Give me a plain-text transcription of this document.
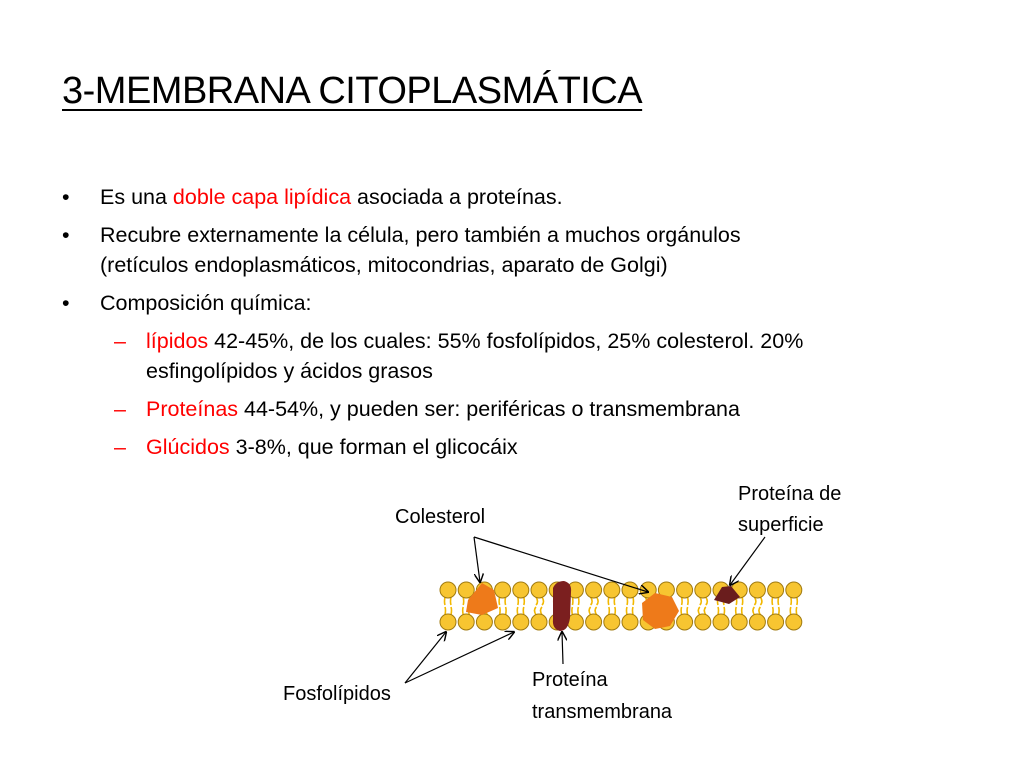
3-MEMBRANA CITOPLASMÁTICA
• Es una doble capa lipídica asociada a proteínas.
• Recubre externamente la célula, pero también a muchos orgánulos
(retículos endoplasmáticos, mitocondrias, aparato de Golgi)
• Composición química:
– lípidos 42-45%, de los cuales: 55% fosfolípidos, 25% colesterol. 20%
esfingolípidos y ácidos grasos
– Proteínas 44-54%, y pueden ser: periféricas o transmembrana
– Glúcidos 3-8%, que forman el glicocáix
Colesterol
Proteína de
superficie
Fosfolípidos
Proteína
transmembrana
